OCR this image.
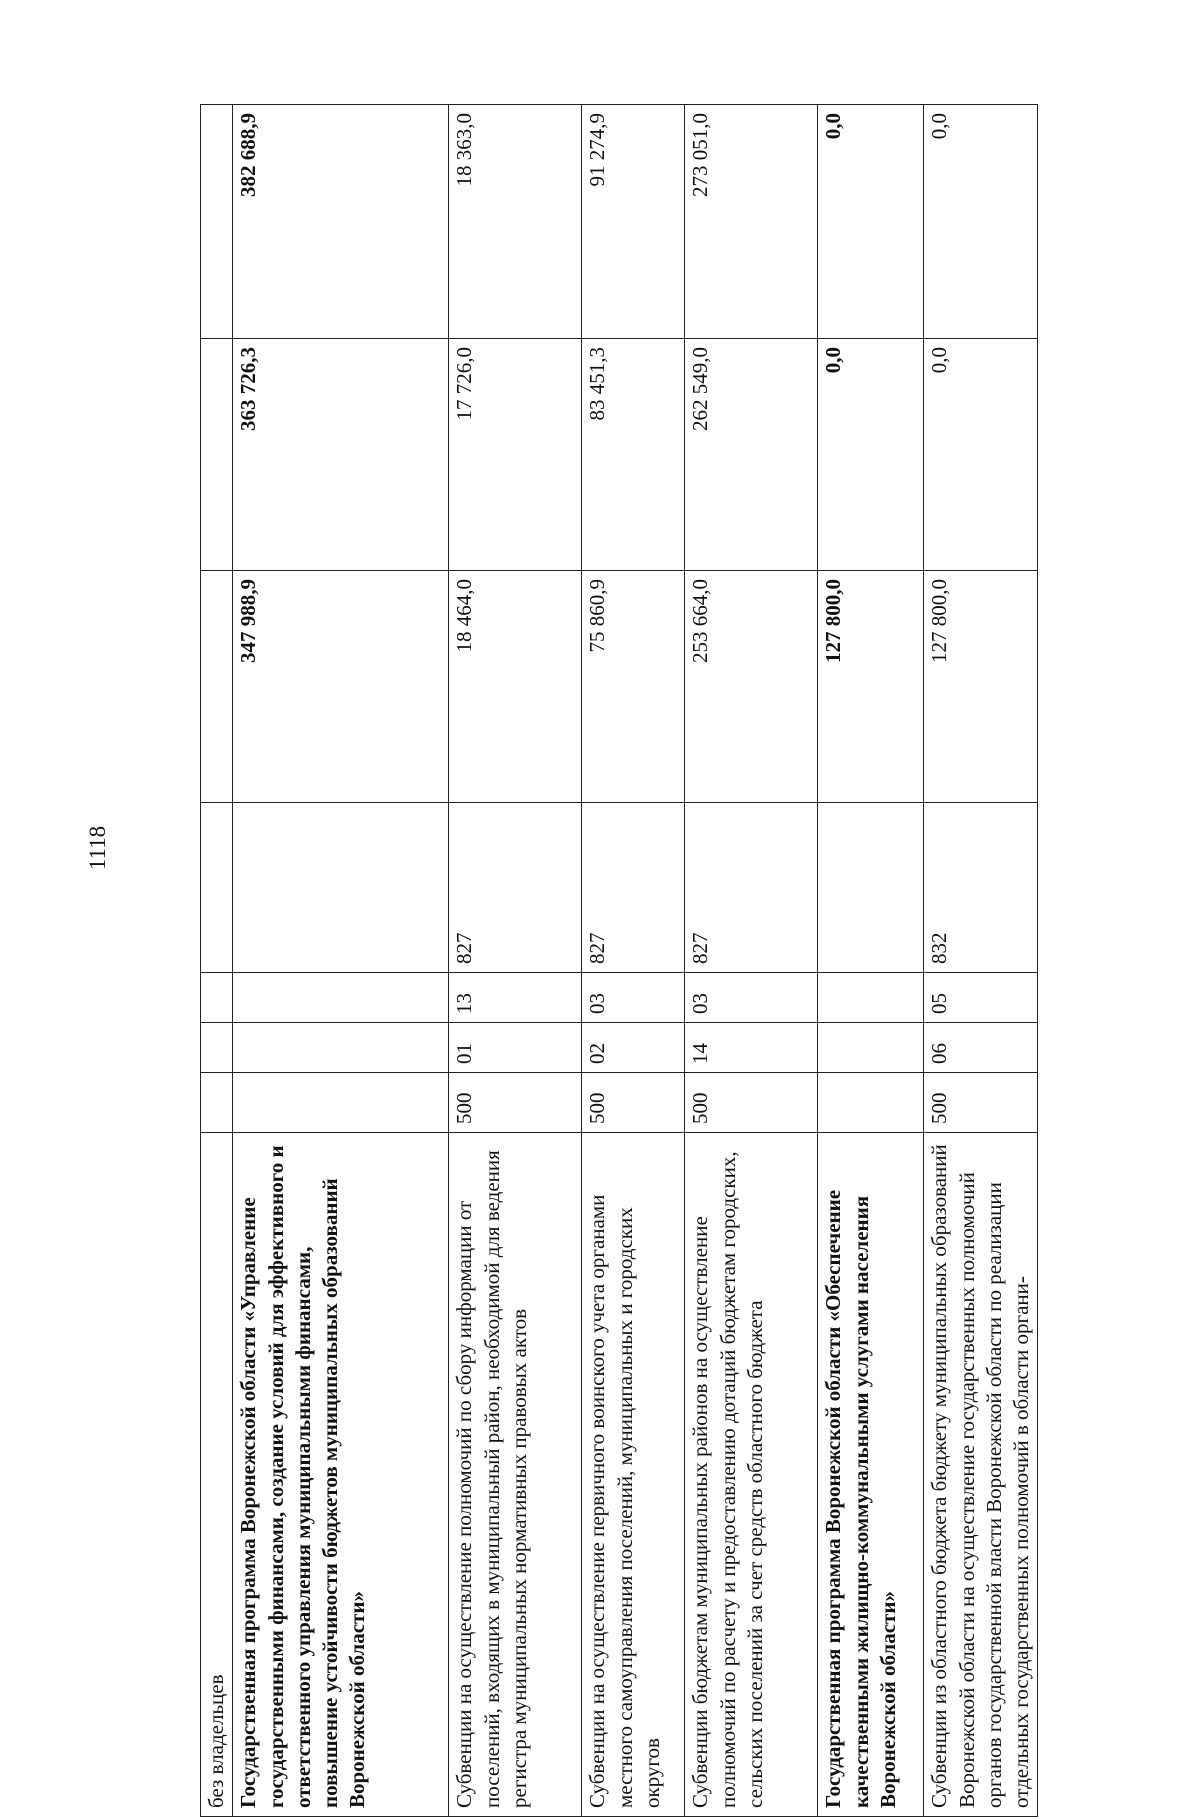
1118
без владельцев							
Государственная программа Воронежской области «Управление государственными финансами, создание условий для эффективного и ответственного управления муниципальными финансами, повышение устойчивости бюджетов муниципальных образований Воронежской области»					347 988,9	363 726,3	382 688,9
Субвенции на осуществление полномочий по сбору информации от поселений, входящих в муниципальный район, необходимой для ведения регистра муниципальных нормативных правовых актов	500	01	13	827	18 464,0	17 726,0	18 363,0
Субвенции на осуществление первичного воинского учета органами местного самоуправления поселений, муниципальных и городских округов	500	02	03	827	75 860,9	83 451,3	91 274,9
Субвенции бюджетам муниципальных районов на осуществление полномочий по расчету и предоставлению дотаций бюджетам городских, сельских поселений за счет средств областного бюджета	500	14	03	827	253 664,0	262 549,0	273 051,0
Государственная программа Воронежской области «Обеспечение качественными жилищно-коммунальными услугами населения Воронежской области»					127 800,0	0,0	0,0
Субвенции из областного бюджета бюджету муниципальных образований Воронежской области на осуществление государственных полномочий органов государственной власти Воронежской области по реализации отдельных государственных полномочий в области органи-	500	06	05	832	127 800,0	0,0	0,0
